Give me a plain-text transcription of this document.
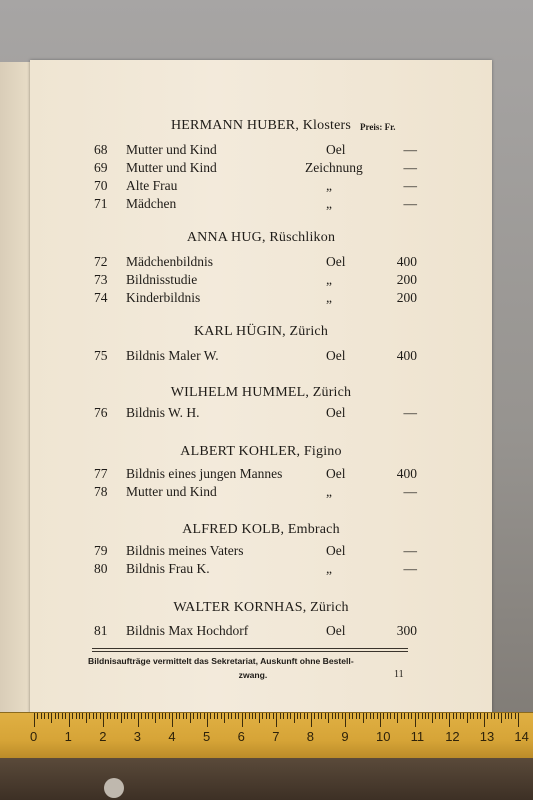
Preis: Fr.
HERMANN HUBER, Klosters
68	Mutter und Kind	Oel	—
69	Mutter und Kind	Zeichnung	—
70	Alte Frau	„	—
71	Mädchen	„	—
ANNA HUG, Rüschlikon
72	Mädchenbildnis	Oel	400
73	Bildnisstudie	„	200
74	Kinderbildnis	„	200
KARL HÜGIN, Zürich
75	Bildnis Maler W.	Oel	400
WILHELM HUMMEL, Zürich
76	Bildnis W. H.	Oel	—
ALBERT KOHLER, Figino
77	Bildnis eines jungen Mannes	Oel	400
78	Mutter und Kind	„	—
ALFRED KOLB, Embrach
79	Bildnis meines Vaters	Oel	—
80	Bildnis Frau K.	„	—
WALTER KORNHAS, Zürich
81	Bildnis Max Hochdorf	Oel	300
Bildnisaufträge vermittelt das Sekretariat, Auskunft ohne Bestell-
zwang.	11
0 1 2 3 4 5 6 7 8 9 10 11 12 13 14
